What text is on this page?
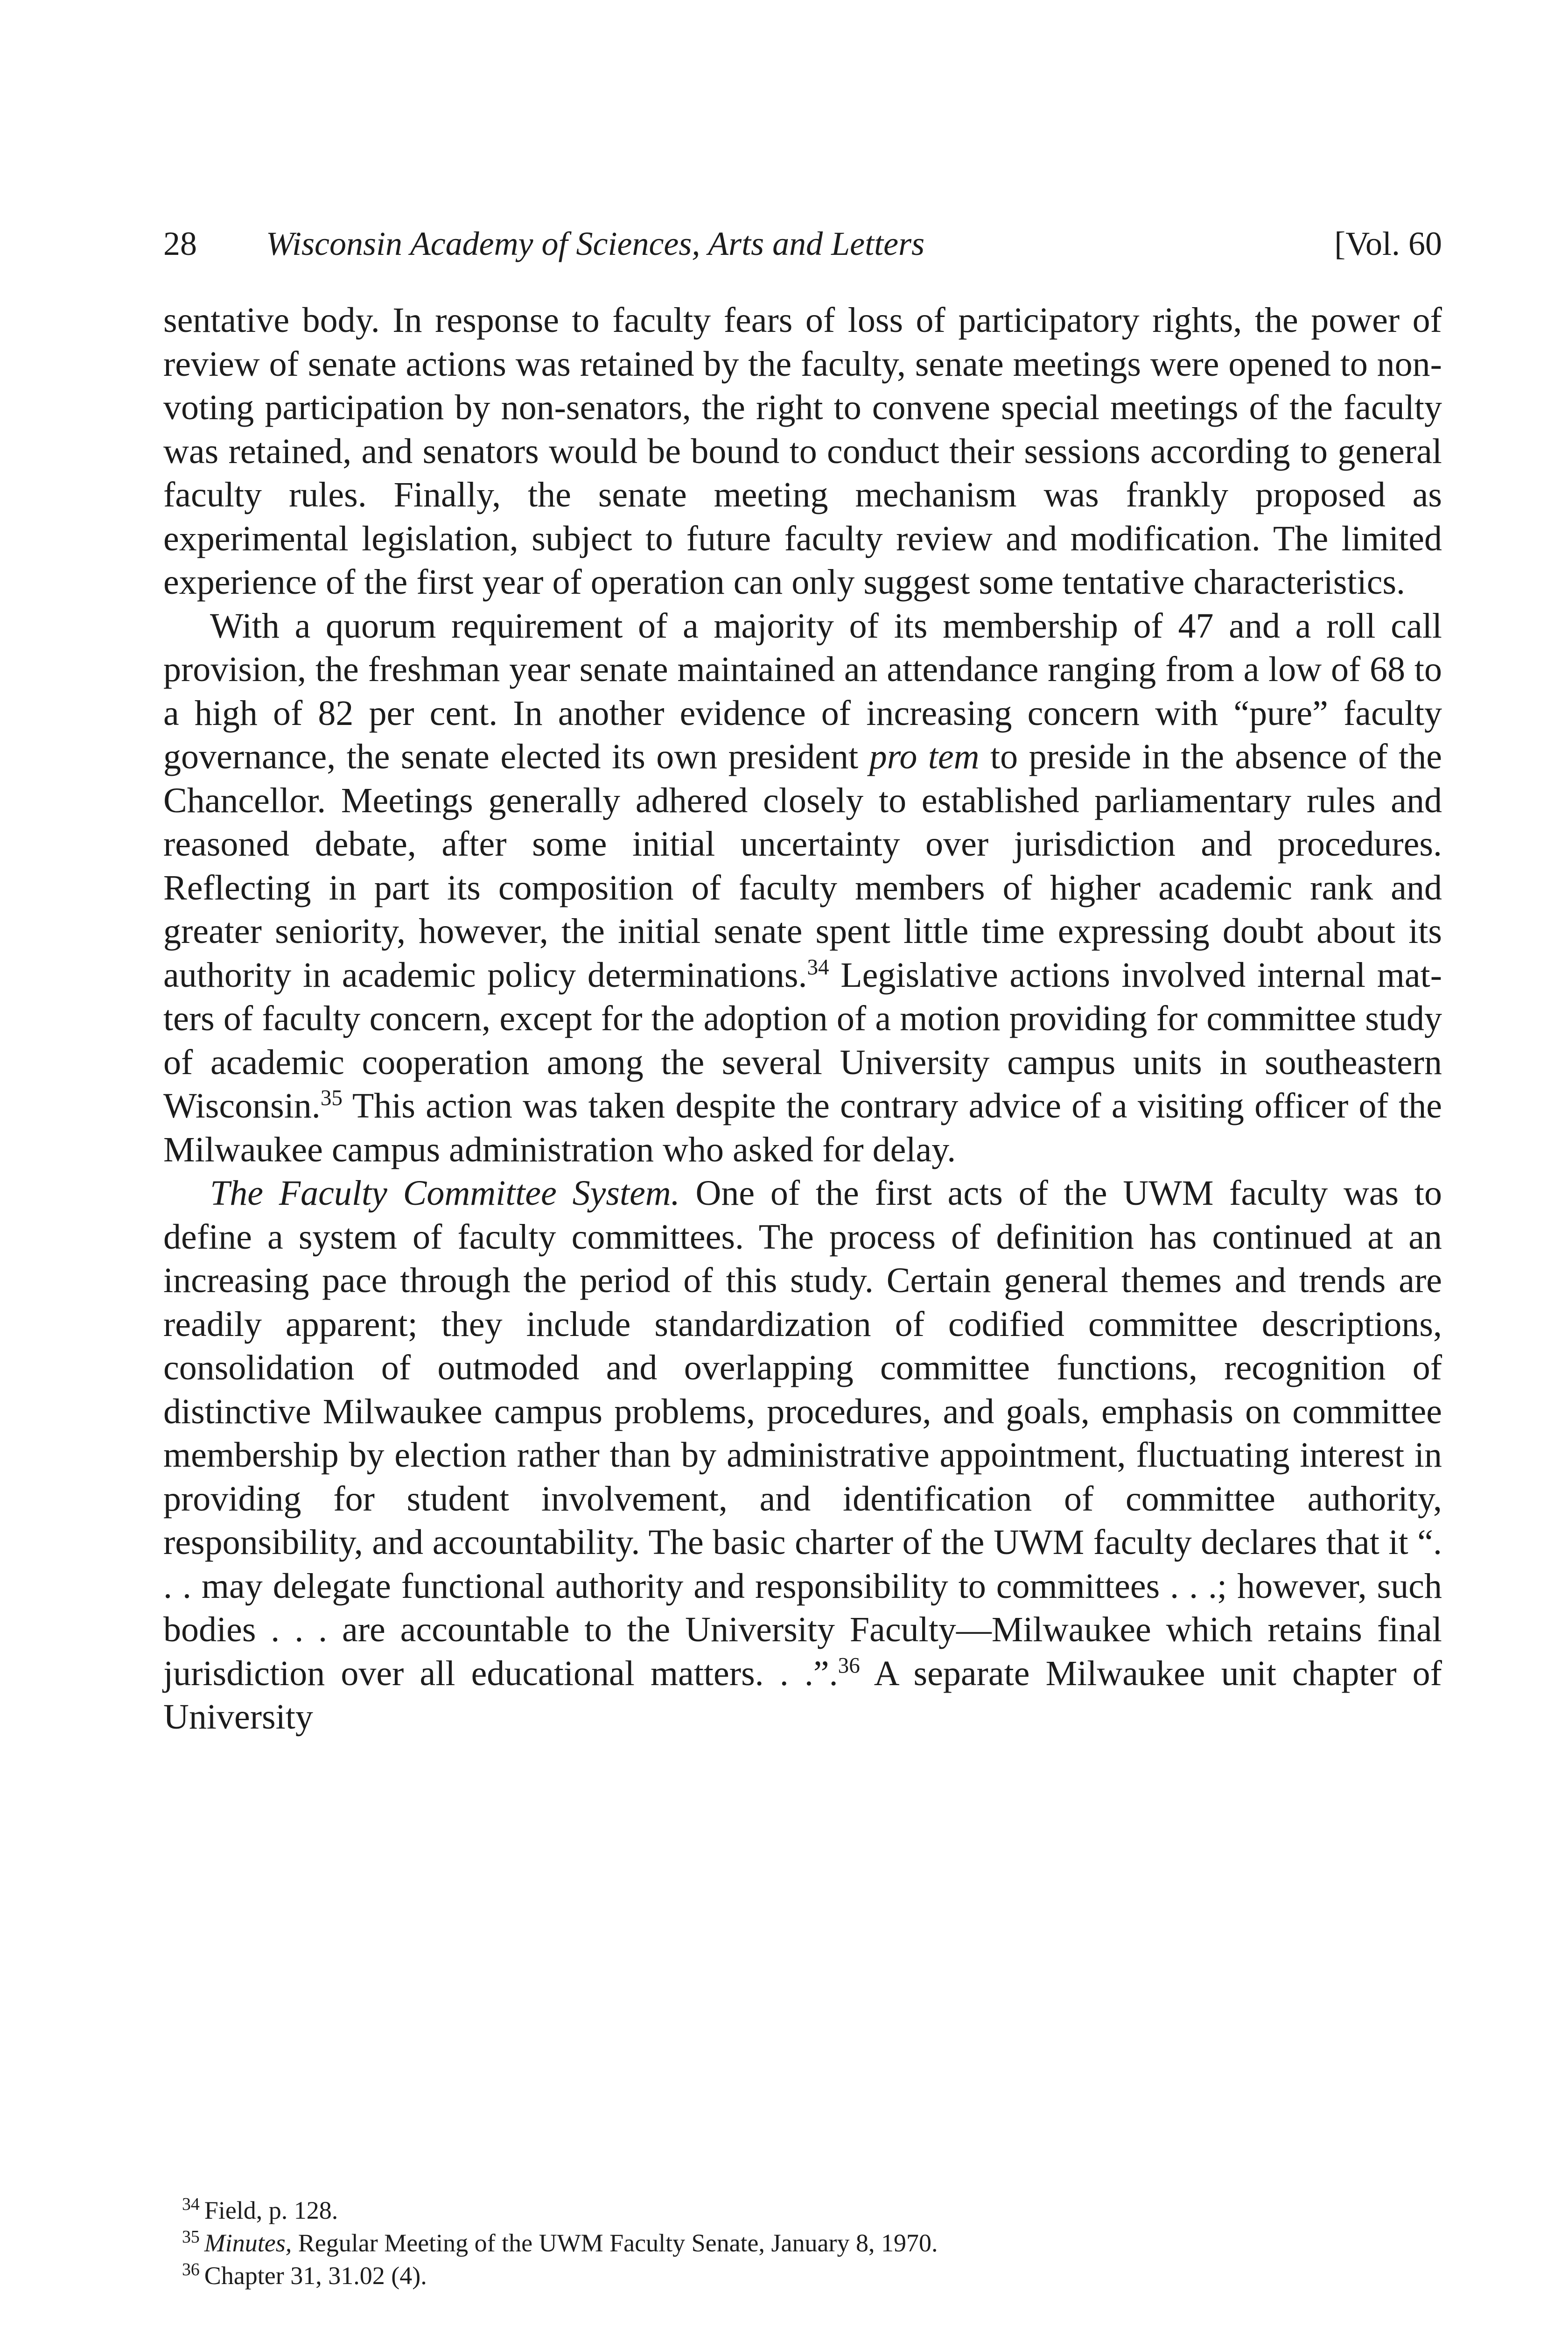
28 Wisconsin Academy of Sciences, Arts and Letters	[Vol. 60

sentative body. In response to faculty fears of loss of participatory rights, the power of review of senate actions was retained by the faculty, senate meetings were opened to non-voting participation by non-senators, the right to convene special meetings of the faculty was retained, and senators would be bound to conduct their sessions according to general faculty rules. Finally, the senate meeting mechanism was frankly proposed as experimental legislation, subject to future faculty review and modification. The limited experience of the first year of operation can only suggest some tentative characteristics.

With a quorum requirement of a majority of its membership of 47 and a roll call provision, the freshman year senate maintained an attendance ranging from a low of 68 to a high of 82 per cent. In another evidence of increasing concern with “pure” faculty governance, the senate elected its own president pro tem to preside in the absence of the Chancellor. Meetings generally adhered closely to established parliamentary rules and reasoned debate, after some initial uncertainty over jurisdiction and procedures. Reflecting in part its composition of faculty members of higher academic rank and greater seniority, however, the initial senate spent little time expressing doubt about its authority in academic policy determinations.$^{34}$ Legislative actions involved internal matters of faculty concern, except for the adoption of a motion providing for committee study of academic cooperation among the several University campus units in southeastern Wisconsin.$^{35}$ This action was taken despite the contrary advice of a visiting officer of the Milwaukee campus administration who asked for delay.

The Faculty Committee System. One of the first acts of the UWM faculty was to define a system of faculty committees. The process of definition has continued at an increasing pace through the period of this study. Certain general themes and trends are readily apparent; they include standardization of codified committee descriptions, consolidation of outmoded and overlapping committee functions, recognition of distinctive Milwaukee campus problems, procedures, and goals, emphasis on committee membership by election rather than by administrative appointment, fluctuating interest in providing for student involvement, and identification of committee authority, responsibility, and accountability. The basic charter of the UWM faculty declares that it “. . . may delegate functional authority and responsibility to committees . . .; however, such bodies . . . are accountable to the University Faculty—Milwaukee which retains final jurisdiction over all educational matters. . .”.$^{36}$ A separate Milwaukee unit chapter of University

$^{34}$ Field, p. 128.

$^{35}$ Minutes, Regular Meeting of the UWM Faculty Senate, January 8, 1970.

$^{36}$ Chapter 31, 31.02 (4).
